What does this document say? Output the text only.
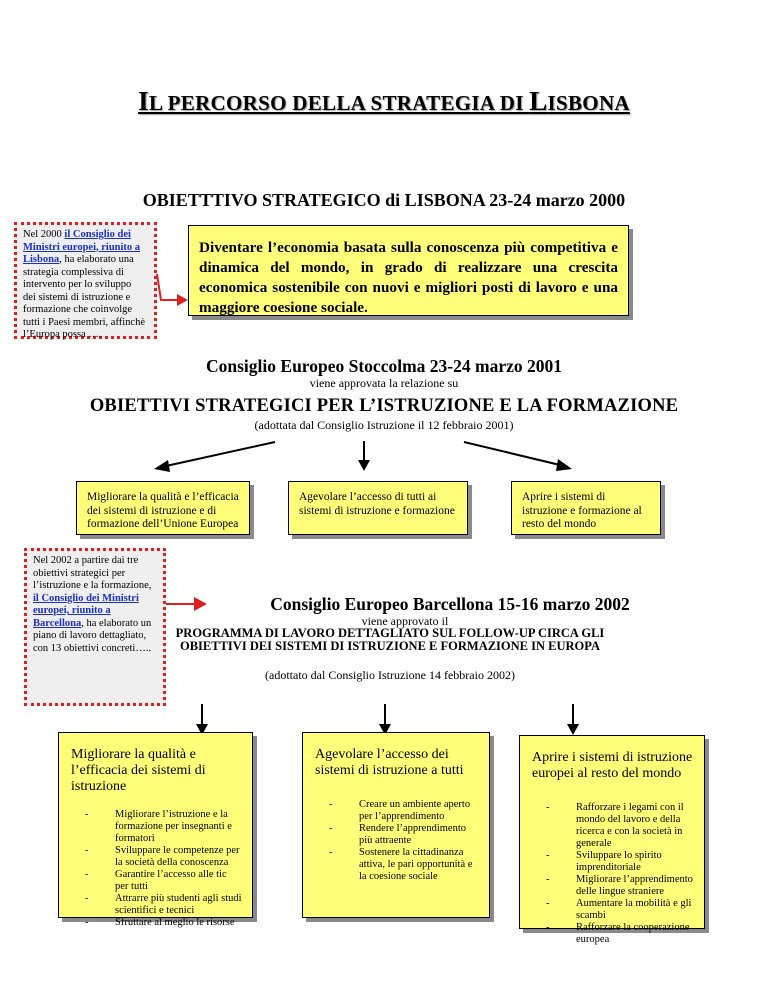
IL PERCORSO DELLA STRATEGIA DI LISBONA
OBIETTTIVO STRATEGICO di LISBONA 23-24 marzo 2000
Nel 2000 il Consiglio dei Ministri europei, riunito a Lisbona, ha elaborato una strategia complessiva di intervento per lo sviluppo dei sistemi di istruzione e formazione che coinvolge tutti i Paesi membri, affinchè l’Europa possa ….
Diventare l’economia basata sulla conoscenza più competitiva e dinamica del mondo, in grado di realizzare una crescita economica sostenibile con nuovi e migliori posti di lavoro e una maggiore coesione sociale.
Consiglio Europeo Stoccolma 23-24 marzo 2001
viene approvata la relazione su
OBIETTIVI STRATEGICI PER L’ISTRUZIONE E LA FORMAZIONE
(adottata dal Consiglio Istruzione il 12 febbraio 2001)
Migliorare la qualità e l’efficacia dei sistemi di istruzione e di formazione dell’Unione Europea
Agevolare l’accesso di tutti ai sistemi di istruzione e formazione
Aprire i sistemi di istruzione e formazione al resto del mondo
Nel 2002 a partire dai tre obiettivi strategici per l’istruzione e la formazione, il Consiglio dei Ministri europei, riunito a Barcellona, ha elaborato un piano di lavoro dettagliato, con 13 obiettivi concreti…..
Consiglio Europeo Barcellona 15-16 marzo 2002
viene approvato il
PROGRAMMA DI LAVORO DETTAGLIATO SUL FOLLOW-UP CIRCA GLI OBIETTIVI DEI SISTEMI DI ISTRUZIONE E FORMAZIONE IN EUROPA
(adottato dal Consiglio Istruzione 14 febbraio 2002)
Migliorare la qualità e l’efficacia dei sistemi di istruzione
- Migliorare l’istruzione e la formazione per insegnanti e formatori
- Sviluppare le competenze per la società della conoscenza
- Garantire l’accesso alle tic per tutti
- Attrarre più studenti agli studi scientifici e tecnici
- Sfruttare al meglio le risorse
Agevolare l’accesso dei sistemi di istruzione a tutti
- Creare un ambiente aperto per l’apprendimento
- Rendere l’apprendimento più attraente
- Sostenere la cittadinanza attiva, le pari opportunità e la coesione sociale
Aprire i sistemi di istruzione europei al resto del mondo
- Rafforzare i legami con il mondo del lavoro e della ricerca e con la società in generale
- Sviluppare lo spirito imprenditoriale
- Migliorare l’apprendimento delle lingue straniere
- Aumentare la mobilità e gli scambi
- Rafforzare la cooperazione europea
